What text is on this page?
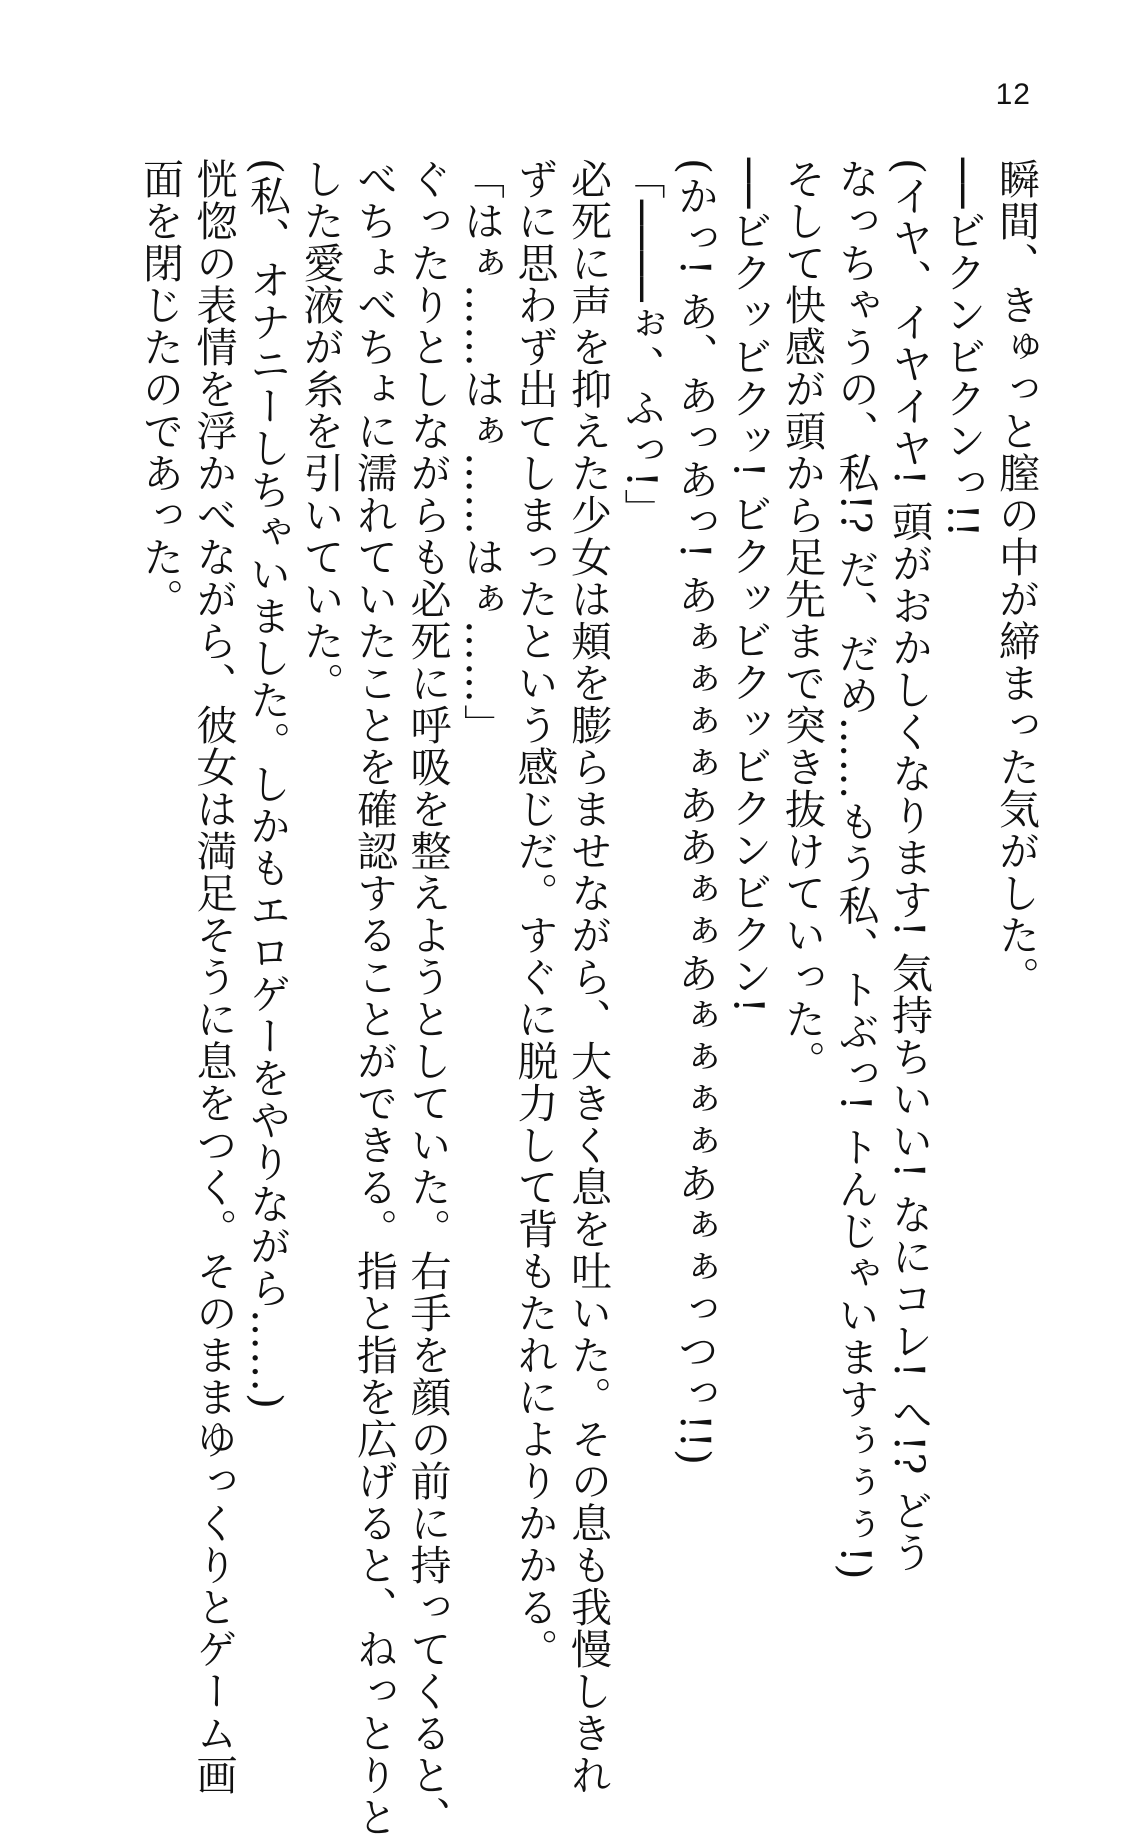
12
瞬間、きゅっと膣の中が締まった気がした。
──ビクンビクンっ!!
(イヤ、イヤイヤ! 頭がおかしくなります! 気持ちいい! なにコレ! へ!? どう
なっちゃうの、私!? だ、だめ……もう私、トぶっ! トんじゃいますぅぅぅ!)
そして快感が頭から足先まで突き抜けていった。
──ビクッビクッ! ビクッビクッビクンビクン!
(かっ! あ、あっあっ! あぁぁぁぁああぁぁあぁぁぁぁあぁぁっつっ!!)
「────ぉ、ふっ!」
必死に声を抑えた少女は頬を膨らませながら、大きく息を吐いた。その息も我慢しきれ
ずに思わず出てしまったという感じだ。すぐに脱力して背もたれによりかかる。
「はぁ……はぁ……はぁ……」
ぐったりとしながらも必死に呼吸を整えようとしていた。右手を顔の前に持ってくると、
べちょべちょに濡れていたことを確認することができる。指と指を広げると、ねっとりと
した愛液が糸を引いていた。
(私、オナニーしちゃいました。しかもエロゲーをやりながら……)
恍惚の表情を浮かべながら、彼女は満足そうに息をつく。そのままゆっくりとゲーム画
面を閉じたのであった。
